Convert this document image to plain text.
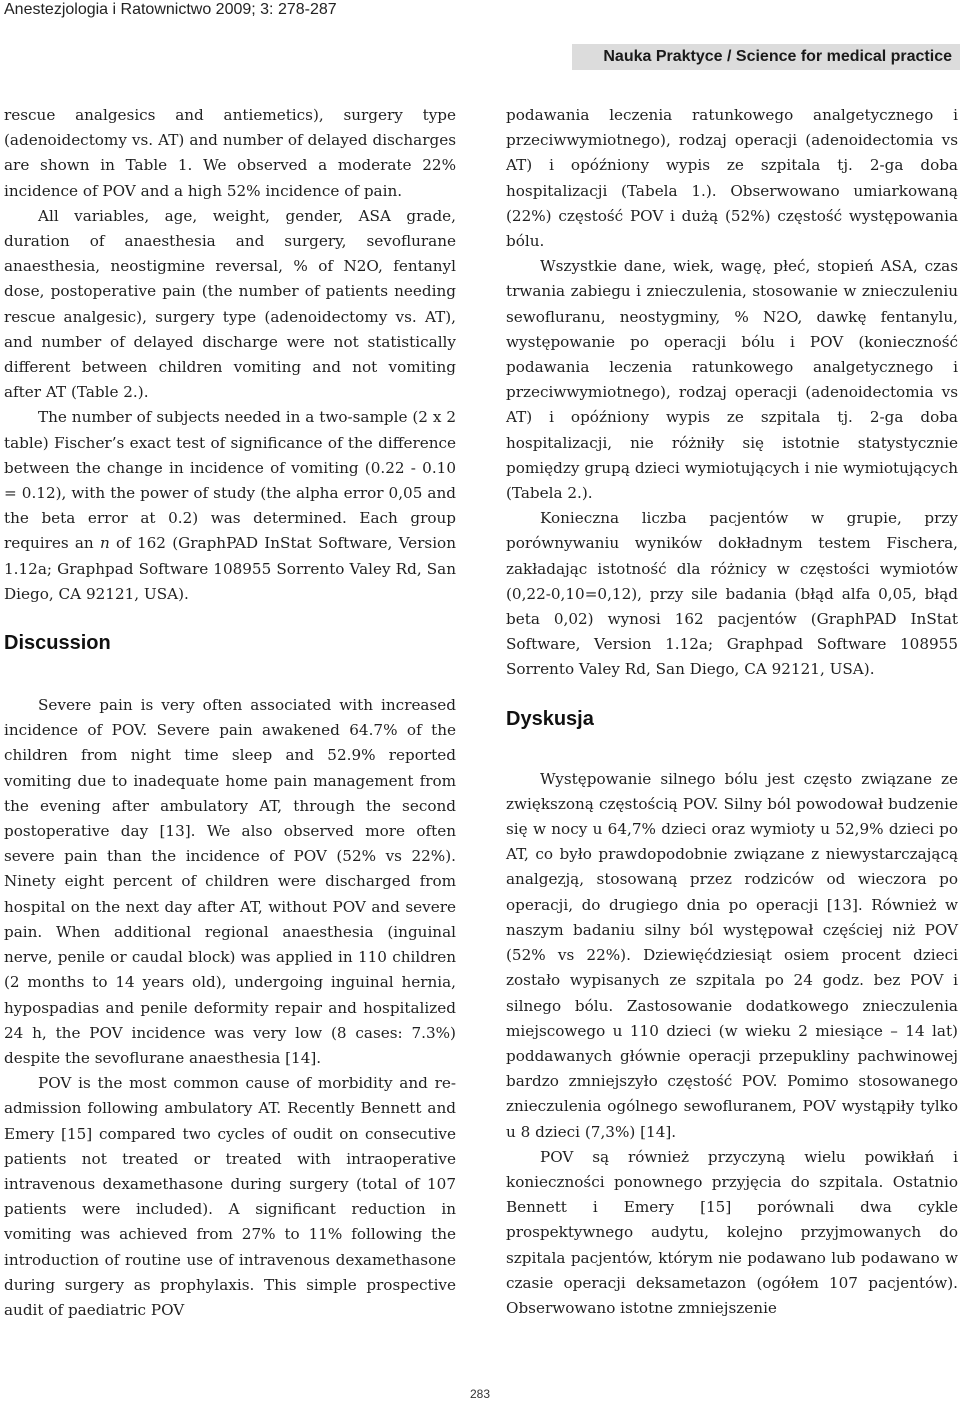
Anestezjologia i Ratownictwo 2009; 3: 278-287
Nauka Praktyce / Science for medical practice

rescue analgesics and antiemetics), surgery type (adenoidectomy vs. AT) and number of delayed discharges are shown in Table 1. We observed a moderate 22% incidence of POV and a high 52% incidence of pain.

All variables, age, weight, gender, ASA grade, duration of anaesthesia and surgery, sevoflurane anaesthesia, neostigmine reversal, % of N2O, fentanyl dose, postoperative pain (the number of patients needing rescue analgesic), surgery type (adenoidectomy vs. AT), and number of delayed discharge were not statistically different between children vomiting and not vomiting after AT (Table 2.).

The number of subjects needed in a two-sample (2 x 2 table) Fischer’s exact test of significance of the difference between the change in incidence of vomiting (0.22 - 0.10 = 0.12), with the power of study (the alpha error 0,05 and the beta error at 0.2) was determined. Each group requires an n of 162 (GraphPAD InStat Software, Version 1.12a; Graphpad Software 108955 Sorrento Valey Rd, San Diego, CA 92121, USA).

Discussion

Severe pain is very often associated with increased incidence of POV. Severe pain awakened 64.7% of the children from night time sleep and 52.9% reported vomiting due to inadequate home pain management from the evening after ambulatory AT, through the second postoperative day [13]. We also observed more often severe pain than the incidence of POV (52% vs 22%). Ninety eight percent of children were discharged from hospital on the next day after AT, without POV and severe pain. When additional regional anaesthesia (inguinal nerve, penile or caudal block) was applied in 110 children (2 months to 14 years old), undergoing inguinal hernia, hypospadias and penile deformity repair and hospitalized 24 h, the POV incidence was very low (8 cases: 7.3%) despite the sevoflurane anaesthesia [14].

POV is the most common cause of morbidity and re-admission following ambulatory AT. Recently Bennett and Emery [15] compared two cycles of oudit on consecutive patients not treated or treated with intraoperative intravenous dexamethasone during surgery (total of 107 patients were included). A significant reduction in vomiting was achieved from 27% to 11% following the introduction of routine use of intravenous dexamethasone during surgery as prophylaxis. This simple prospective audit of paediatric POV

podawania leczenia ratunkowego analgetycznego i przeciwwymiotnego), rodzaj operacji (adenoidectomia vs AT) i opóźniony wypis ze szpitala tj. 2-ga doba hospitalizacji (Tabela 1.). Obserwowano umiarkowaną (22%) częstość POV i dużą (52%) częstość występowania bólu.

Wszystkie dane, wiek, wagę, płeć, stopień ASA, czas trwania zabiegu i znieczulenia, stosowanie w znieczuleniu sewofluranu, neostygminy, % N2O, dawkę fentanylu, występowanie po operacji bólu i POV (konieczność podawania leczenia ratunkowego analgetycznego i przeciwwymiotnego), rodzaj operacji (adenoidectomia vs AT) i opóźniony wypis ze szpitala tj. 2-ga doba hospitalizacji, nie różniły się istotnie statystycznie pomiędzy grupą dzieci wymiotujących i nie wymiotujących (Tabela 2.).

Konieczna liczba pacjentów w grupie, przy porównywaniu wyników dokładnym testem Fischera, zakładając istotność dla różnicy w częstości wymiotów (0,22-0,10=0,12), przy sile badania (błąd alfa 0,05, błąd beta 0,02) wynosi 162 pacjentów (GraphPAD InStat Software, Version 1.12a; Graphpad Software 108955 Sorrento Valey Rd, San Diego, CA 92121, USA).

Dyskusja

Występowanie silnego bólu jest często związane ze zwiększoną częstością POV. Silny ból powodował budzenie się w nocy u 64,7% dzieci oraz wymioty u 52,9% dzieci po AT, co było prawdopodobnie związane z niewystarczającą analgezją, stosowaną przez rodziców od wieczora po operacji, do drugiego dnia po operacji [13]. Również w naszym badaniu silny ból występował częściej niż POV (52% vs 22%). Dziewięćdziesiąt osiem procent dzieci zostało wypisanych ze szpitala po 24 godz. bez POV i silnego bólu. Zastosowanie dodatkowego znieczulenia miejscowego u 110 dzieci (w wieku 2 miesiące – 14 lat) poddawanych głównie operacji przepukliny pachwinowej bardzo zmniejszyło częstość POV. Pomimo stosowanego znieczulenia ogólnego sewofluranem, POV wystąpiły tylko u 8 dzieci (7,3%) [14].

POV są również przyczyną wielu powikłań i konieczności ponownego przyjęcia do szpitala. Ostatnio Bennett i Emery [15] porównali dwa cykle prospektywnego audytu, kolejno przyjmowanych do szpitala pacjentów, którym nie podawano lub podawano w czasie operacji deksametazon (ogółem 107 pacjentów). Obserwowano istotne zmniejszenie

283
